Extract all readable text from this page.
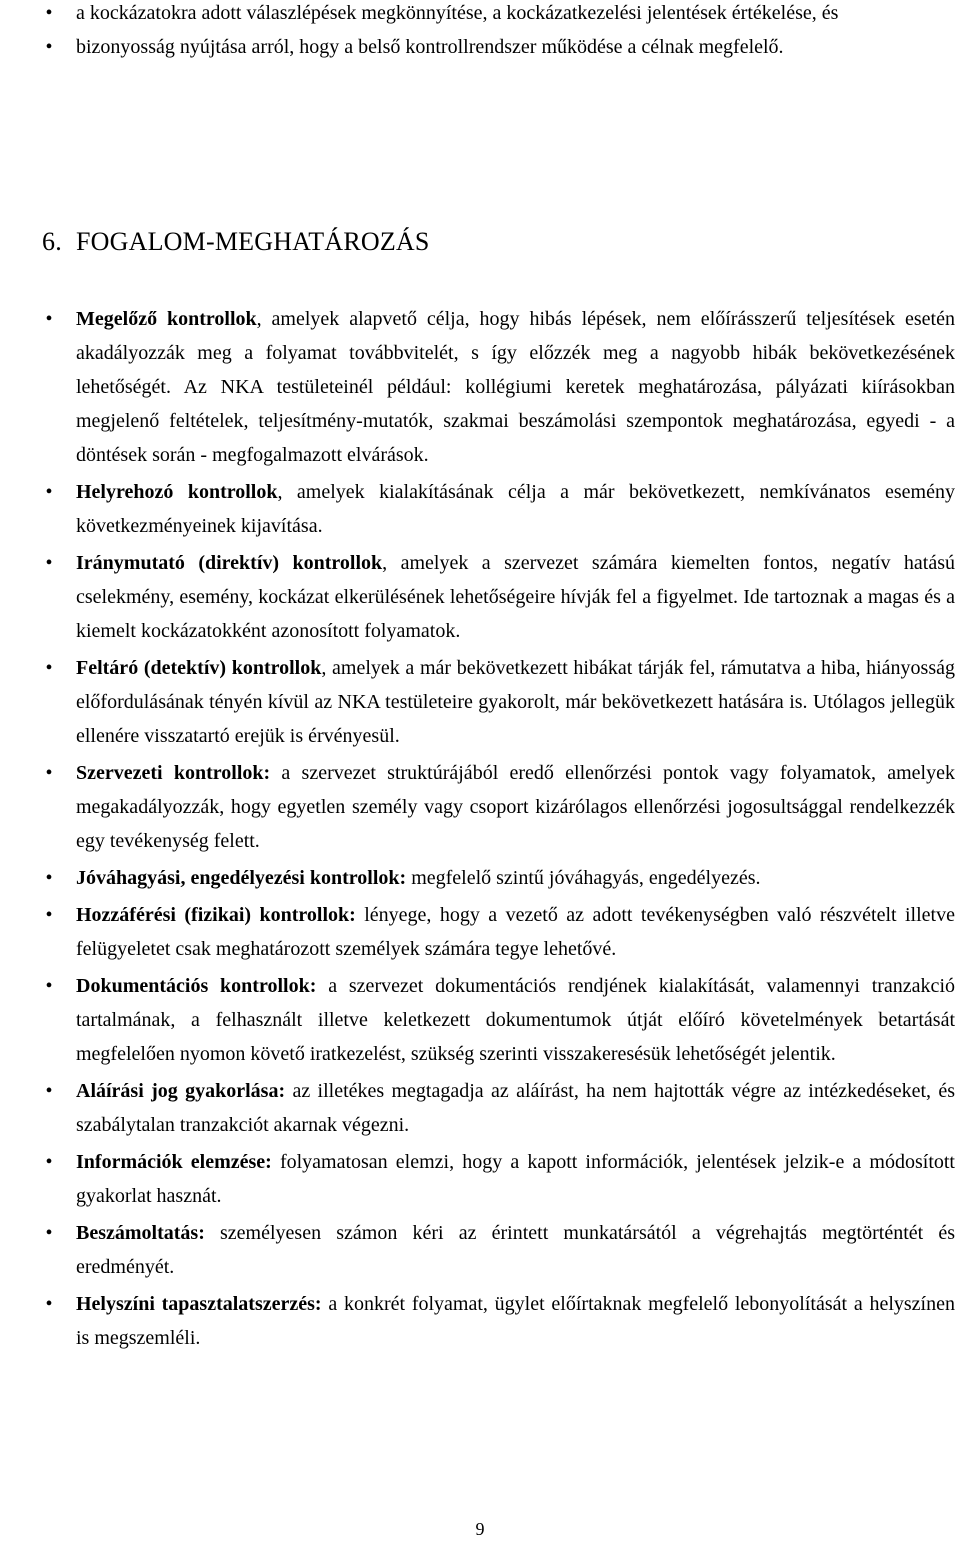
•	a kockázatokra adott válaszlépések megkönnyítése, a kockázatkezelési jelentések értékelése, és
•	bizonyosság nyújtása arról, hogy a belső kontrollrendszer működése a célnak megfelelő.
6. FOGALOM-MEGHATÁROZÁS
•	Megelőző kontrollok, amelyek alapvető célja, hogy hibás lépések, nem előírásszerű teljesítések esetén akadályozzák meg a folyamat továbbvitelét, s így előzzék meg a nagyobb hibák bekövetkezésének lehetőségét. Az NKA testületeinél például: kollégiumi keretek meghatározása, pályázati kiírásokban megjelenő feltételek, teljesítmény-mutatók, szakmai beszámolási szempontok meghatározása, egyedi - a döntések során - megfogalmazott elvárások.
•	Helyrehozó kontrollok, amelyek kialakításának célja a már bekövetkezett, nemkívánatos esemény következményeinek kijavítása.
•	Iránymutató (direktív) kontrollok, amelyek a szervezet számára kiemelten fontos, negatív hatású cselekmény, esemény, kockázat elkerülésének lehetőségeire hívják fel a figyelmet. Ide tartoznak a magas és a kiemelt kockázatokként azonosított folyamatok.
•	Feltáró (detektív) kontrollok, amelyek a már bekövetkezett hibákat tárják fel, rámutatva a hiba, hiányosság előfordulásának tényén kívül az NKA testületeire gyakorolt, már bekövetkezett hatására is. Utólagos jellegük ellenére visszatartó erejük is érvényesül.
•	Szervezeti kontrollok: a szervezet struktúrájából eredő ellenőrzési pontok vagy folyamatok, amelyek megakadályozzák, hogy egyetlen személy vagy csoport kizárólagos ellenőrzési jogosultsággal rendelkezzék egy tevékenység felett.
•	Jóváhagyási, engedélyezési kontrollok: megfelelő szintű jóváhagyás, engedélyezés.
•	Hozzáférési (fizikai) kontrollok: lényege, hogy a vezető az adott tevékenységben való részvételt illetve felügyeletet csak meghatározott személyek számára tegye lehetővé.
•	Dokumentációs kontrollok: a szervezet dokumentációs rendjének kialakítását, valamennyi tranzakció tartalmának, a felhasznált illetve keletkezett dokumentumok útját előíró követelmények betartását megfelelően nyomon követő iratkezelést, szükség szerinti visszakeresésük lehetőségét jelentik.
•	Aláírási jog gyakorlása: az illetékes megtagadja az aláírást, ha nem hajtották végre az intézkedéseket, és szabálytalan tranzakciót akarnak végezni.
•	Információk elemzése: folyamatosan elemzi, hogy a kapott információk, jelentések jelzik-e a módosított gyakorlat hasznát.
•	Beszámoltatás: személyesen számon kéri az érintett munkatársától a végrehajtás megtörténtét és eredményét.
•	Helyszíni tapasztalatszerzés: a konkrét folyamat, ügylet előírtaknak megfelelő lebonyolítását a helyszínen is megszemléli.
9
